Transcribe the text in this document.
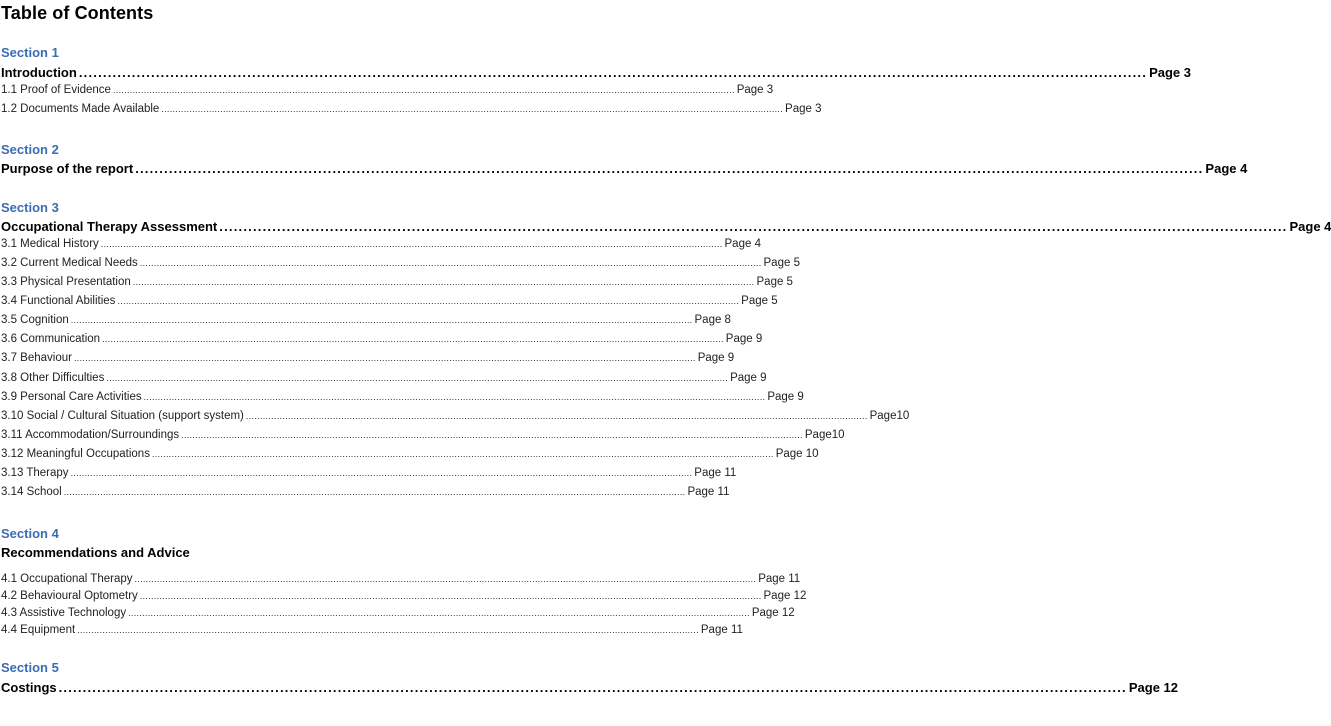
Table of Contents
Section 1
Introduction .............................................................................................................................................................................................................................. Page 3
1.1 Proof of Evidence .............................................................................................................................................................................................................................. Page 3
1.2 Documents Made Available .............................................................................................................................................................................................................................. Page 3
Section 2
Purpose of the report .............................................................................................................................................................................................................................. Page 4
Section 3
Occupational Therapy Assessment .............................................................................................................................................................................................................................. Page 4
3.1 Medical History .............................................................................................................................................................................................................................. Page 4
3.2 Current Medical Needs .............................................................................................................................................................................................................................. Page 5
3.3 Physical Presentation .............................................................................................................................................................................................................................. Page 5
3.4 Functional Abilities .............................................................................................................................................................................................................................. Page 5
3.5 Cognition .............................................................................................................................................................................................................................. Page 8
3.6 Communication .............................................................................................................................................................................................................................. Page 9
3.7 Behaviour .............................................................................................................................................................................................................................. Page 9
3.8 Other Difficulties .............................................................................................................................................................................................................................. Page 9
3.9 Personal Care Activities .............................................................................................................................................................................................................................. Page 9
3.10 Social / Cultural Situation (support system) .............................................................................................................................................................................................................................. Page10
3.11 Accommodation/Surroundings .............................................................................................................................................................................................................................. Page10
3.12 Meaningful Occupations .............................................................................................................................................................................................................................. Page 10
3.13 Therapy .............................................................................................................................................................................................................................. Page 11
3.14 School .............................................................................................................................................................................................................................. Page 11
Section 4
Recommendations and Advice
4.1 Occupational Therapy .............................................................................................................................................................................................................................. Page 11
4.2 Behavioural Optometry .............................................................................................................................................................................................................................. Page 12
4.3 Assistive Technology .............................................................................................................................................................................................................................. Page 12
4.4 Equipment .............................................................................................................................................................................................................................. Page 11
Section 5
Costings .............................................................................................................................................................................................................................. Page 12
